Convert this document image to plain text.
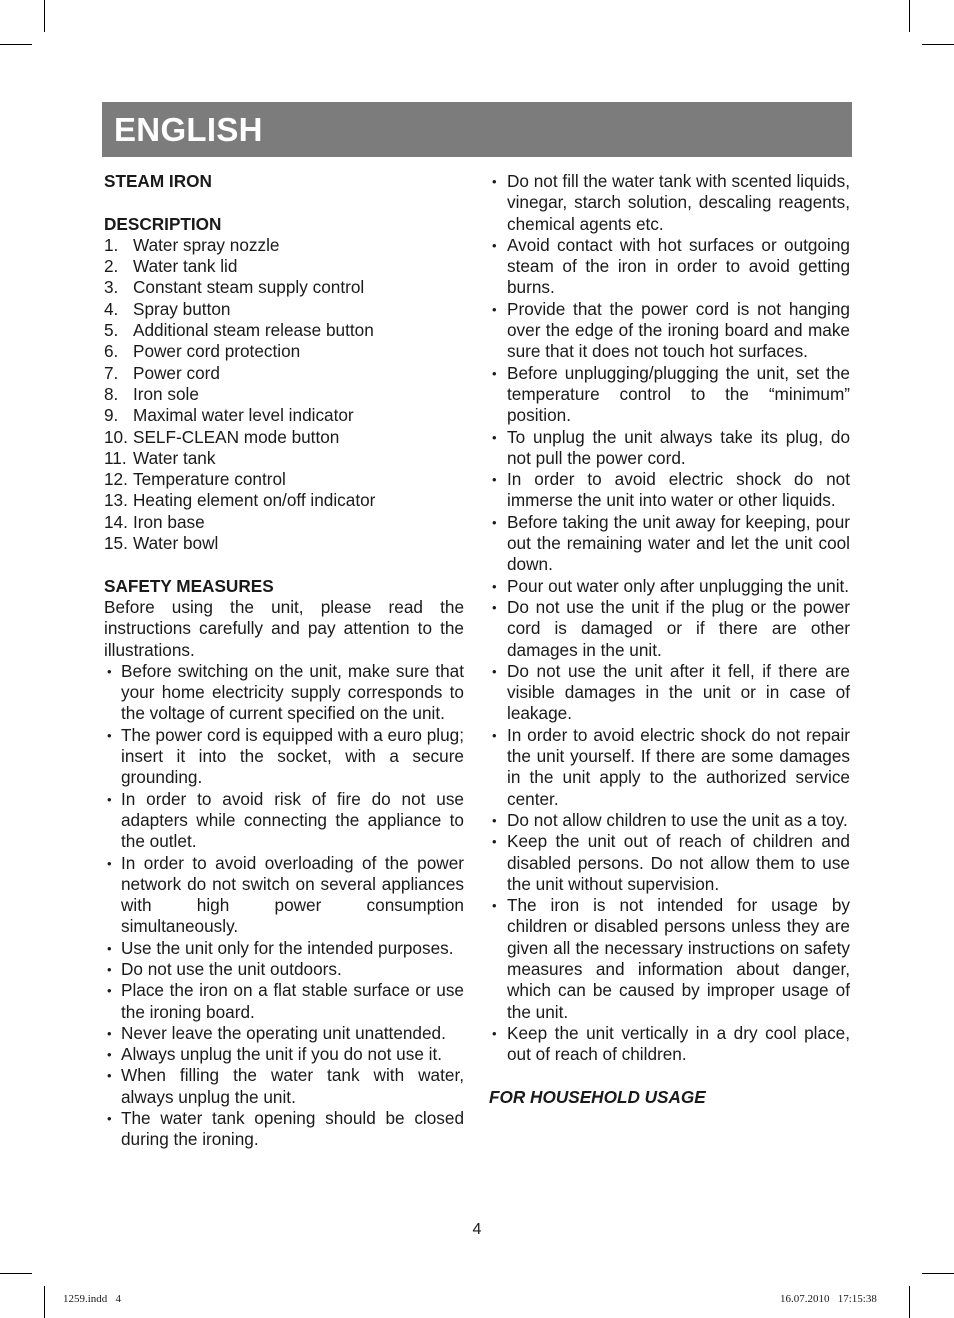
ENGLISH

STEAM IRON

DESCRIPTION

1. Water spray nozzle
2. Water tank lid
3. Constant steam supply control
4. Spray button
5. Additional steam release button
6. Power cord protection
7. Power cord
8. Iron sole
9. Maximal water level indicator
10. SELF-CLEAN mode button
11. Water tank
12. Temperature control
13. Heating element on/off indicator
14. Iron base
15. Water bowl

SAFETY MEASURES

Before using the unit, please read the instructions carefully and pay attention to the illustrations.

• Before switching on the unit, make sure that your home electricity supply corresponds to the voltage of current specified on the unit.
• The power cord is equipped with a euro plug; insert it into the socket, with a secure grounding.
• In order to avoid risk of fire do not use adapters while connecting the appliance to the outlet.
• In order to avoid overloading of the power network do not switch on several appliances with high power consumption simultaneously.
• Use the unit only for the intended purposes.
• Do not use the unit outdoors.
• Place the iron on a flat stable surface or use the ironing board.
• Never leave the operating unit unattended.
• Always unplug the unit if you do not use it.
• When filling the water tank with water, always unplug the unit.
• The water tank opening should be closed during the ironing.
• Do not fill the water tank with scented liquids, vinegar, starch solution, descaling reagents, chemical agents etc.
• Avoid contact with hot surfaces or outgoing steam of the iron in order to avoid getting burns.
• Provide that the power cord is not hanging over the edge of the ironing board and make sure that it does not touch hot surfaces.
• Before unplugging/plugging the unit, set the temperature control to the “minimum” position.
• To unplug the unit always take its plug, do not pull the power cord.
• In order to avoid electric shock do not immerse the unit into water or other liquids.
• Before taking the unit away for keeping, pour out the remaining water and let the unit cool down.
• Pour out water only after unplugging the unit.
• Do not use the unit if the plug or the power cord is damaged or if there are other damages in the unit.
• Do not use the unit after it fell, if there are visible damages in the unit or in case of leakage.
• In order to avoid electric shock do not repair the unit yourself. If there are some damages in the unit apply to the authorized service center.
• Do not allow children to use the unit as a toy.
• Keep the unit out of reach of children and disabled persons. Do not allow them to use the unit without supervision.
• The iron is not intended for usage by children or disabled persons unless they are given all the necessary instructions on safety measures and information about danger, which can be caused by improper usage of the unit.
• Keep the unit vertically in a dry cool place, out of reach of children.

FOR HOUSEHOLD USAGE

4
1259.indd   4	16.07.2010   17:15:38
